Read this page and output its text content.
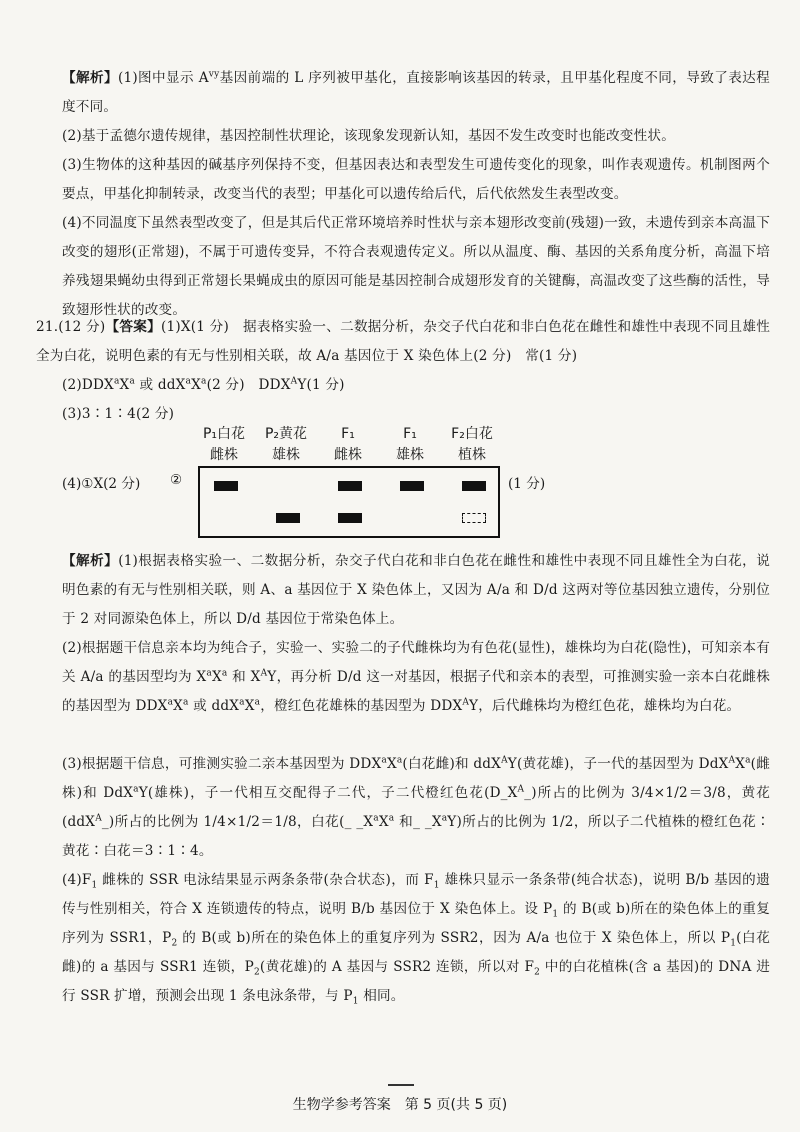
【解析】(1)图中显示 $A^{vy}$基因前端的 L 序列被甲基化，直接影响该基因的转录，且甲基化程度不同，导致了表达程度不同。

(2)基于孟德尔遗传规律，基因控制性状理论，该现象发现新认知，基因不发生改变时也能改变性状。

(3)生物体的这种基因的碱基序列保持不变，但基因表达和表型发生可遗传变化的现象，叫作表观遗传。机制图两个要点，甲基化抑制转录，改变当代的表型；甲基化可以遗传给后代，后代依然发生表型改变。

(4)不同温度下虽然表型改变了，但是其后代正常环境培养时性状与亲本翅形改变前(残翅)一致，未遗传到亲本高温下改变的翅形(正常翅)，不属于可遗传变异，不符合表观遗传定义。所以从温度、酶、基因的关系角度分析，高温下培养残翅果蝇幼虫得到正常翅长果蝇成虫的原因可能是基因控制合成翅形发育的关键酶，高温改变了这些酶的活性，导致翅形性状的改变。

21.(12 分)【答案】(1)X(1 分)　据表格实验一、二数据分析，杂交子代白花和非白色花在雌性和雄性中表现不同且雄性全为白花，说明色素的有无与性别相关联，故 A/a 基因位于 X 染色体上(2 分)　常(1 分)

$(2)DDX^aX^a$ 或 $ddX^aX^a(2$ 分)　$DDX^AY(1$ 分)

(3)3∶1∶4(2 分)

(4)①X(2 分) ②
P₁白花
雌株
P₂黄花
雄株
F₁
雌株
F₁
雄株
F₂白花
植株
(1 分)

【解析】(1)根据表格实验一、二数据分析，杂交子代白花和非白色花在雌性和雄性中表现不同且雄性全为白花，说明色素的有无与性别相关联，则 A、a 基因位于 X 染色体上，又因为 A/a 和 D/d 这两对等位基因独立遗传，分别位于 2 对同源染色体上，所以 D/d 基因位于常染色体上。

(2)根据题干信息亲本均为纯合子，实验一、实验二的子代雌株均为有色花(显性)，雄株均为白花(隐性)，可知亲本有关 A/a 的基因型均为 $X^aX^a$ 和 $X^AY$，再分析 D/d 这一对基因，根据子代和亲本的表型，可推测实验一亲本白花雌株的基因型为 $DDX^aX^a$ 或 $ddX^aX^a$，橙红色花雄株的基因型为 $DDX^AY$，后代雌株均为橙红色花，雄株均为白花。

(3)根据题干信息，可推测实验二亲本基因型为 $DDX^aX^a$(白花雌)和 ddX$^A$Y(黄花雄)，子一代的基因型为 $DdX^AX^a$(雌株)和 DdX$^a$Y(雄株)，子一代相互交配得子二代，子二代橙红色花$(D\_X^A\_)$所占的比例为 3/4×1/2＝3/8，黄花(ddX$^A$_)所占的比例为 1/4×1/2＝1/8，白花(_ $\_X^aX^a$ 和_ $\_X^aY$)所占的比例为 1/2，所以子二代植株的橙红色花∶黄花∶白花＝3∶1∶4。

$(4)F_1$ 雌株的 SSR 电泳结果显示两条条带(杂合状态)，而 $F_1$ 雄株只显示一条条带(纯合状态)，说明 B/b 基因的遗传与性别相关，符合 X 连锁遗传的特点，说明 B/b 基因位于 X 染色体上。设 $P_1$ 的 B(或 b)所在的染色体上的重复序列为 SSR1，$P_2$ 的 B(或 b)所在的染色体上的重复序列为 SSR2，因为 A/a 也位于 X 染色体上，所以 $P_1$(白花雌)的 a 基因与 SSR1 连锁，$P_2$(黄花雄)的 A 基因与 SSR2 连锁，所以对 $F_2$ 中的白花植株(含 a 基因)的 DNA 进行 SSR 扩增，预测会出现 1 条电泳条带，与 $P_1$ 相同。

生物学参考答案　第 5 页(共 5 页)
